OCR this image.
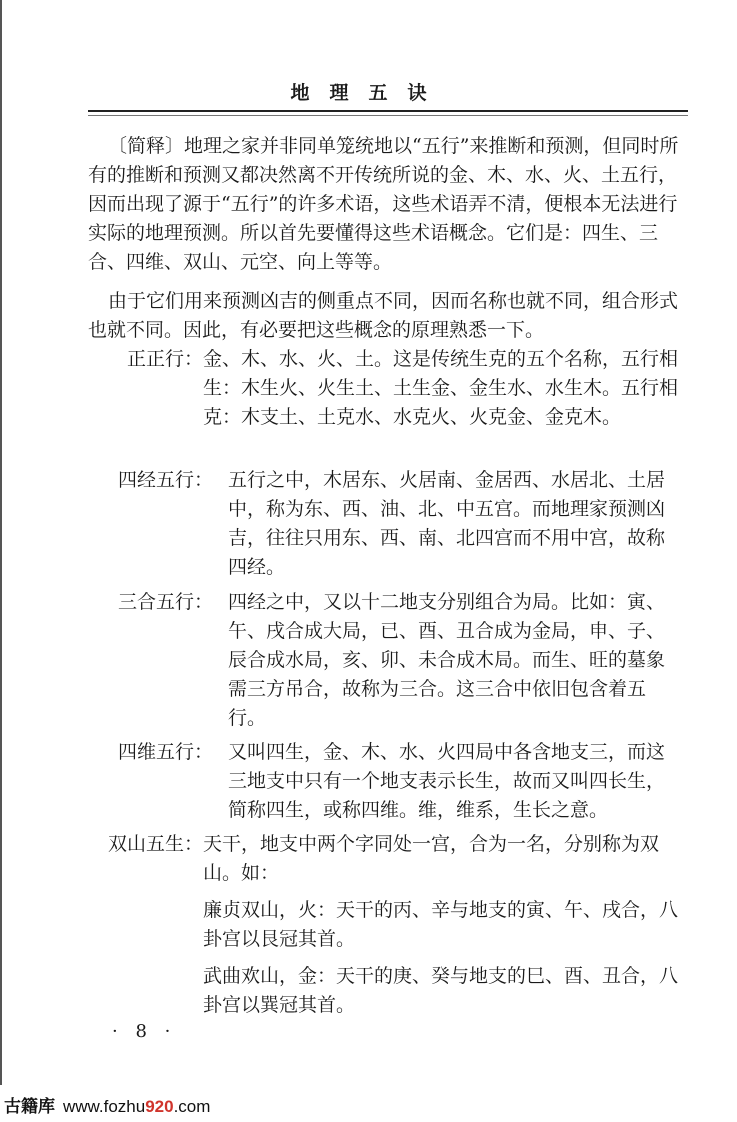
地理五诀
〔简释〕地理之家并非同单笼统地以“五行”来推断和预测，但同时所有的推断和预测又都决然离不开传统所说的金、木、水、火、土五行，因而出现了源于“五行”的许多术语，这些术语弄不清，便根本无法进行实际的地理预测。所以首先要懂得这些术语概念。它们是：四生、三合、四维、双山、元空、向上等等。
由于它们用来预测凶吉的侧重点不同，因而名称也就不同，组合形式也就不同。因此，有必要把这些概念的原理熟悉一下。
正正行： 金、木、水、火、土。这是传统生克的五个名称，五行相生：木生火、火生土、土生金、金生水、水生木。五行相克：木支土、土克水、水克火、火克金、金克木。
四经五行： 五行之中，木居东、火居南、金居西、水居北、土居中，称为东、西、油、北、中五宫。而地理家预测凶吉，往往只用东、西、南、北四宫而不用中宫，故称四经。
三合五行： 四经之中，又以十二地支分别组合为局。比如：寅、午、戌合成大局，已、酉、丑合成为金局，申、子、辰合成水局，亥、卯、未合成木局。而生、旺的墓象需三方吊合，故称为三合。这三合中依旧包含着五行。
四维五行： 又叫四生，金、木、水、火四局中各含地支三，而这三地支中只有一个地支表示长生，故而又叫四长生，简称四生，或称四维。维，维系，生长之意。
双山五生： 天干，地支中两个字同处一宫，合为一名，分别称为双山。如：
廉贞双山，火：天干的丙、辛与地支的寅、午、戌合，八卦宫以艮冠其首。
武曲欢山，金：天干的庚、癸与地支的巳、酉、丑合，八卦宫以巽冠其首。
· 8 ·
古籍库 www.fozhu920.com
